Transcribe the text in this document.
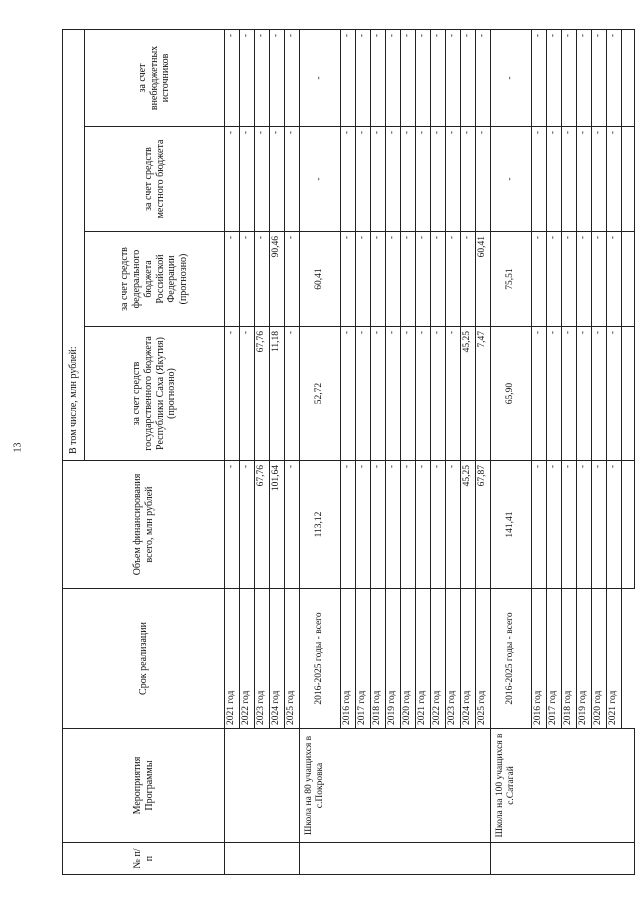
13
№ п/п	Мероприятия Программы	Срок реализации	Объем финансирования всего, млн рублей	В том числе, млн рублей:			
				за счет средств государственного бюджета Республики Саха (Якутия) (прогнозно)	за счет средств федерального бюджета Российской Федерации (прогнозно)	за счет средств местного бюджета	за счет внебюджетных источников
		2021 год	-	-	-	-	-
		2022 год	-	-	-	-	-
		2023 год	67,76	67,76	-	-	-
		2024 год	101,64	11,18	90,46	-	-
		2025 год	-	-	-	-	-
	Школа на 80 учащихся в с.Покровка	2016-2025 годы - всего	113,12	52,72	60,41	-	-
		2016 год	-	-	-	-	-
		2017 год	-	-	-	-	-
		2018 год	-	-	-	-	-
		2019 год	-	-	-	-	-
		2020 год	-	-	-	-	-
		2021 год	-	-	-	-	-
		2022 год	-	-	-	-	-
		2023 год	-	-	-	-	-
		2024 год	45,25	45,25	-	-	-
		2025 год	67,87	7,47	60,41	-	-
	Школа на 100 учащихся в с.Сатагай	2016-2025 годы - всего	141,41	65,90	75,51	-	-
		2016 год	-	-	-	-	-
		2017 год	-	-	-	-	-
		2018 год	-	-	-	-	-
		2019 год	-	-	-	-	-
		2020 год	-	-	-	-	-
		2021 год	-	-	-	-	-
